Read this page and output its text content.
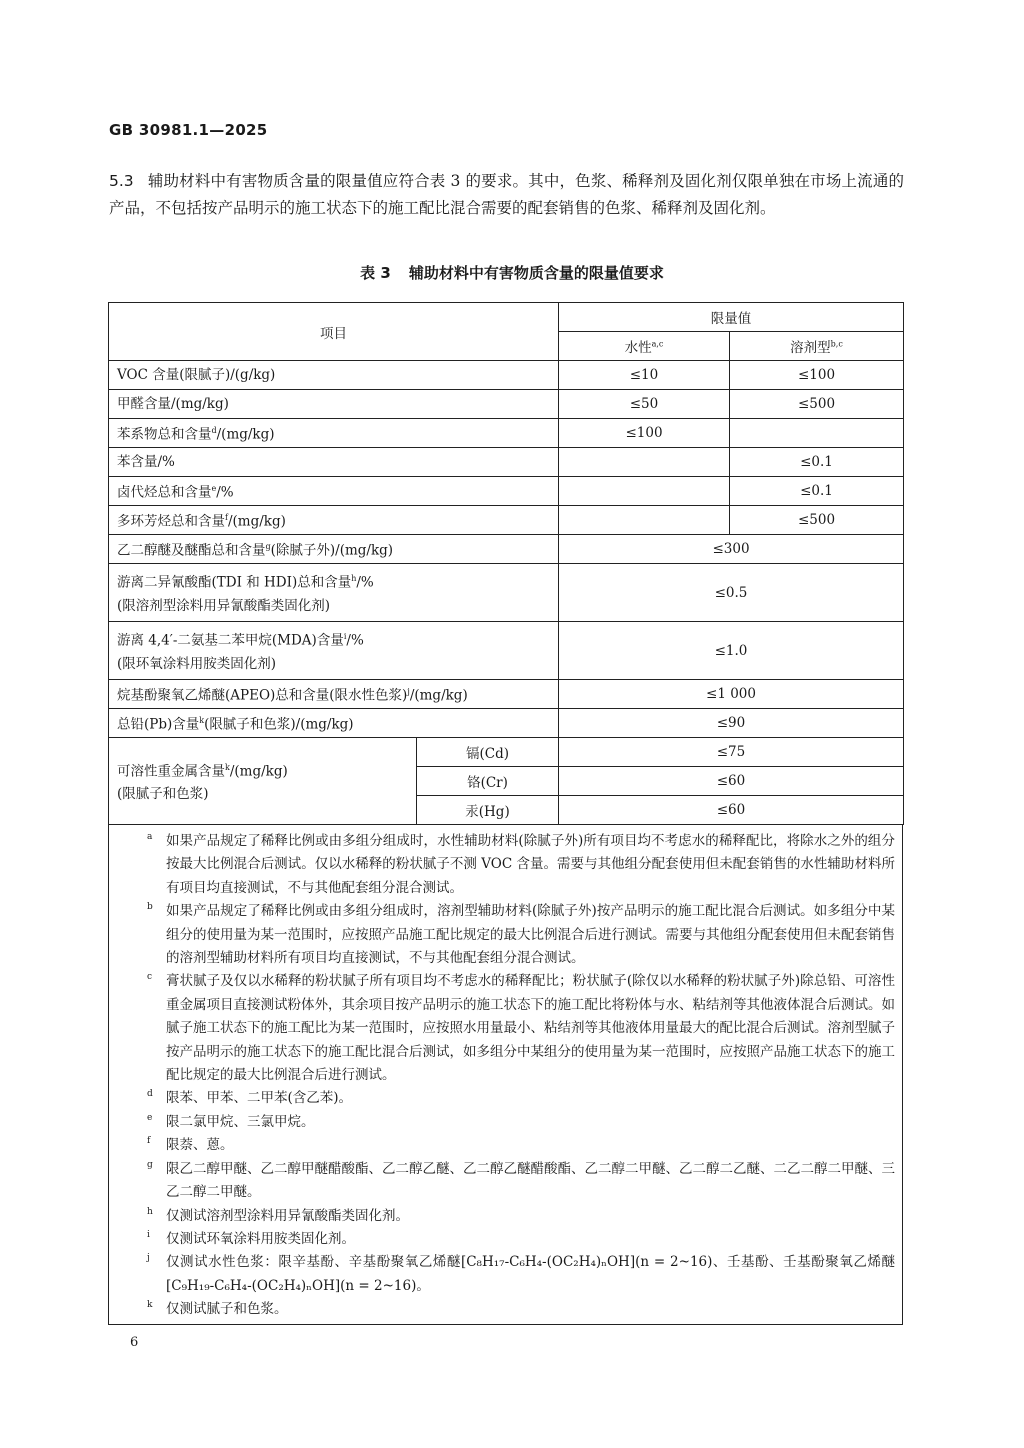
GB 30981.1—2025
5.3 辅助材料中有害物质含量的限量值应符合表 3 的要求。其中，色浆、稀释剂及固化剂仅限单独在市场上流通的产品，不包括按产品明示的施工状态下的施工配比混合需要的配套销售的色浆、稀释剂及固化剂。
表 3 辅助材料中有害物质含量的限量值要求
项目		限量值	
		水性$^{a,c}$	溶剂型$^{b,c}$
VOC 含量(限腻子)/(g/kg)		≤10	≤100
甲醛含量/(mg/kg)		≤50	≤500
苯系物总和含量$^d$/(mg/kg)		≤100	
苯含量/%			≤0.1
卤代烃总和含量$^e$/%			≤0.1
多环芳烃总和含量$^f$/(mg/kg)			≤500
乙二醇醚及醚酯总和含量$^g$(除腻子外)/(mg/kg)		≤300	
游离二异氰酸酯(TDI 和 HDI)总和含量$^h$/%
(限溶剂型涂料用异氰酸酯类固化剂)		≤0.5	
游离 4,4′-二氨基二苯甲烷(MDA)含量$^i$/%
(限环氧涂料用胺类固化剂)		≤1.0	
烷基酚聚氧乙烯醚(APEO)总和含量(限水性色浆)$^j$/(mg/kg)		≤1 000	
总铅(Pb)含量$^k$(限腻子和色浆)/(mg/kg)		≤90	
可溶性重金属含量$^k$/(mg/kg)
(限腻子和色浆)	镉(Cd)	≤75	
	铬(Cr)	≤60	
	汞(Hg)	≤60	
a 如果产品规定了稀释比例或由多组分组成时，水性辅助材料(除腻子外)所有项目均不考虑水的稀释配比，将除水之外的组分按最大比例混合后测试。仅以水稀释的粉状腻子不测 VOC 含量。需要与其他组分配套使用但未配套销售的水性辅助材料所有项目均直接测试，不与其他配套组分混合测试。
b 如果产品规定了稀释比例或由多组分组成时，溶剂型辅助材料(除腻子外)按产品明示的施工配比混合后测试。如多组分中某组分的使用量为某一范围时，应按照产品施工配比规定的最大比例混合后进行测试。需要与其他组分配套使用但未配套销售的溶剂型辅助材料所有项目均直接测试，不与其他配套组分混合测试。
c 膏状腻子及仅以水稀释的粉状腻子所有项目均不考虑水的稀释配比；粉状腻子(除仅以水稀释的粉状腻子外)除总铅、可溶性重金属项目直接测试粉体外，其余项目按产品明示的施工状态下的施工配比将粉体与水、粘结剂等其他液体混合后测试。如腻子施工状态下的施工配比为某一范围时，应按照水用量最小、粘结剂等其他液体用量最大的配比混合后测试。溶剂型腻子按产品明示的施工状态下的施工配比混合后测试，如多组分中某组分的使用量为某一范围时，应按照产品施工状态下的施工配比规定的最大比例混合后进行测试。
d 限苯、甲苯、二甲苯(含乙苯)。
e 限二氯甲烷、三氯甲烷。
f 限萘、蒽。
g 限乙二醇甲醚、乙二醇甲醚醋酸酯、乙二醇乙醚、乙二醇乙醚醋酸酯、乙二醇二甲醚、乙二醇二乙醚、二乙二醇二甲醚、三乙二醇二甲醚。
h 仅测试溶剂型涂料用异氰酸酯类固化剂。
i 仅测试环氧涂料用胺类固化剂。
j 仅测试水性色浆：限辛基酚、辛基酚聚氧乙烯醚[C₈H₁₇-C₆H₄-(OC₂H₄)ₙOH](n = 2~16)、壬基酚、壬基酚聚氧乙烯醚[C₉H₁₉-C₆H₄-(OC₂H₄)ₙOH](n = 2~16)。
k 仅测试腻子和色浆。
6
